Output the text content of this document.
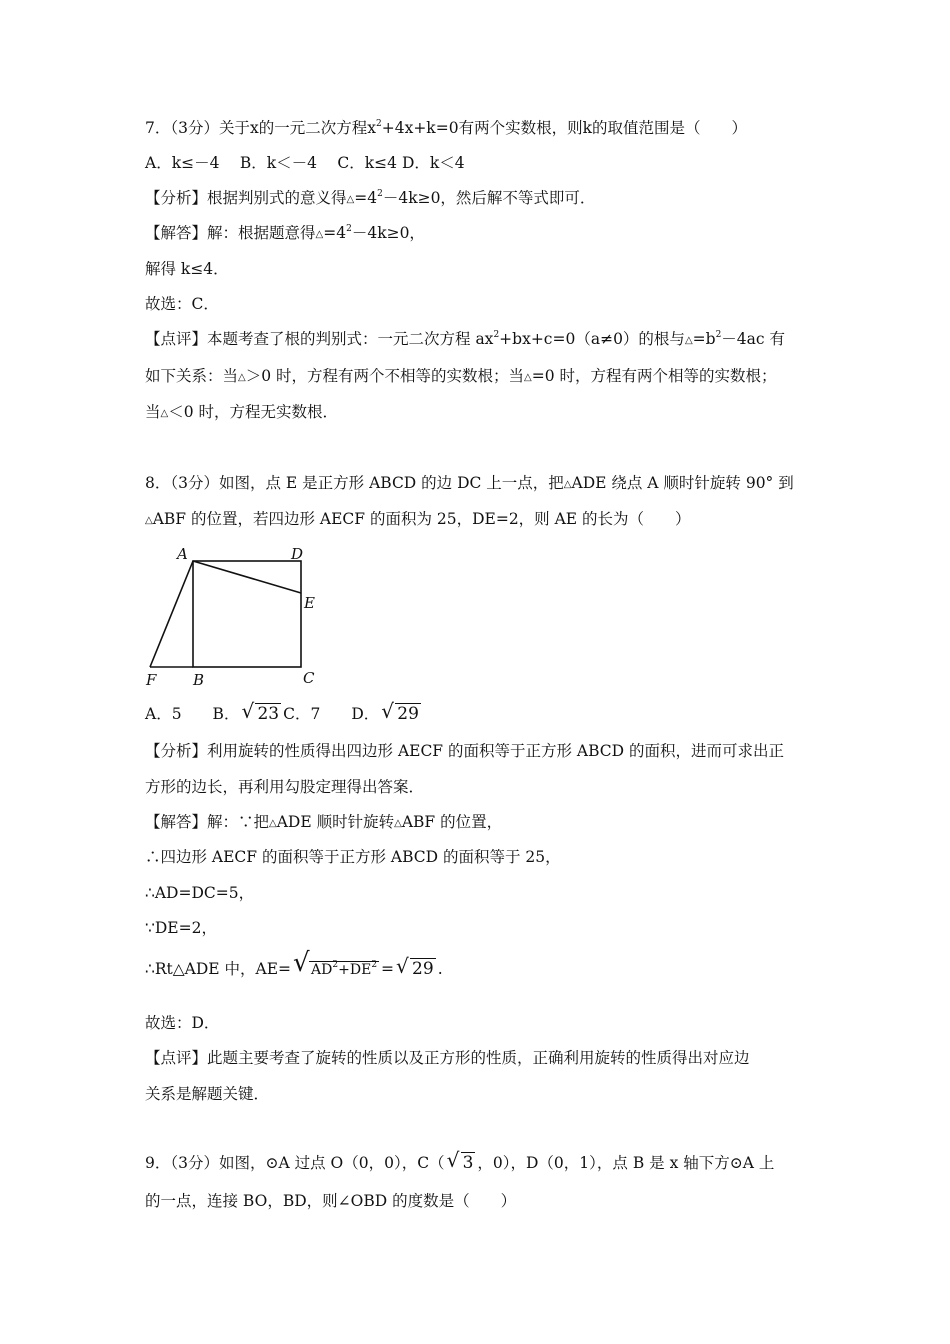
7．（3分）关于x的一元二次方程$x^2+4x+k=0$有两个实数根，则k的取值范围是（　　）
A．k≤－4　 B．k＜－4　 C．k≤4 D．k＜4
【分析】根据判别式的意义得$\triangle=4^2-4k\ge 0$，然后解不等式即可．
【解答】解：根据题意得$\triangle=4^2-4k\ge 0$，
解得 k≤4．
故选：C．
【点评】本题考查了根的判别式：一元二次方程 $ax^2+bx+c=0(a\ne 0)$的根与$\triangle=b^2-4ac$ 有
如下关系：当△＞0 时，方程有两个不相等的实数根；当△=0 时，方程有两个相等的实数根；
当△＜0 时，方程无实数根．
8．（3分）如图，点 E 是正方形 ABCD 的边 DC 上一点，把△ADE 绕点 A 顺时针旋转 90° 到
△ABF 的位置，若四边形 AECF 的面积为 25，DE=2，则 AE 的长为（　　）
A	D
E
F B	C
A．5　　B． √ 23 C．7　　D． √ 29
【分析】利用旋转的性质得出四边形 AECF 的面积等于正方形 ABCD 的面积，进而可求出正
方形的边长，再利用勾股定理得出答案．
【解答】解：∵把△ADE 顺时针旋转△ABF 的位置，
∴四边形 AECF 的面积等于正方形 ABCD 的面积等于 25，
∴AD=DC=5，
∵DE=2，
∴Rt△ADE 中，AE= √ $AD^2+DE^2$ = √ 29 .
故选：D．
【点评】此题主要考查了旋转的性质以及正方形的性质，正确利用旋转的性质得出对应边
关系是解题关键．
9．（3分）如图，⊙A 过点 O（0，0），C（ √ 3 ，0），D（0，1），点 B 是 x 轴下方⊙A 上
的一点，连接 BO，BD，则∠OBD 的度数是（　　）
